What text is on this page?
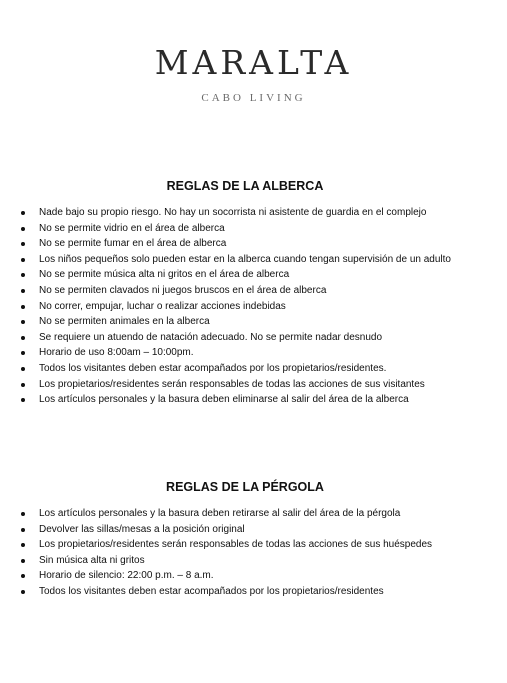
MARALTA
CABO LIVING
REGLAS DE LA ALBERCA
Nade bajo su propio riesgo. No hay un socorrista ni asistente de guardia en el complejo
No se permite vidrio en el área de alberca
No se permite fumar en el área de alberca
Los niños pequeños solo pueden estar en la alberca cuando tengan supervisión de un adulto
No se permite música alta ni gritos en el área de alberca
No se permiten clavados ni juegos bruscos en el área de alberca
No correr, empujar, luchar o realizar acciones indebidas
No se permiten animales en la alberca
Se requiere un atuendo de natación adecuado. No se permite nadar desnudo
Horario de uso 8:00am – 10:00pm.
Todos los visitantes deben estar acompañados por los propietarios/residentes.
Los propietarios/residentes serán responsables de todas las acciones de sus visitantes
Los artículos personales y la basura deben eliminarse al salir del área de la alberca
REGLAS DE LA PÉRGOLA
Los artículos personales y la basura deben retirarse al salir del área de la pérgola
Devolver las sillas/mesas a la posición original
Los propietarios/residentes serán responsables de todas las acciones de sus huéspedes
Sin música alta ni gritos
Horario de silencio: 22:00 p.m. – 8 a.m.
Todos los visitantes deben estar acompañados por los propietarios/residentes
